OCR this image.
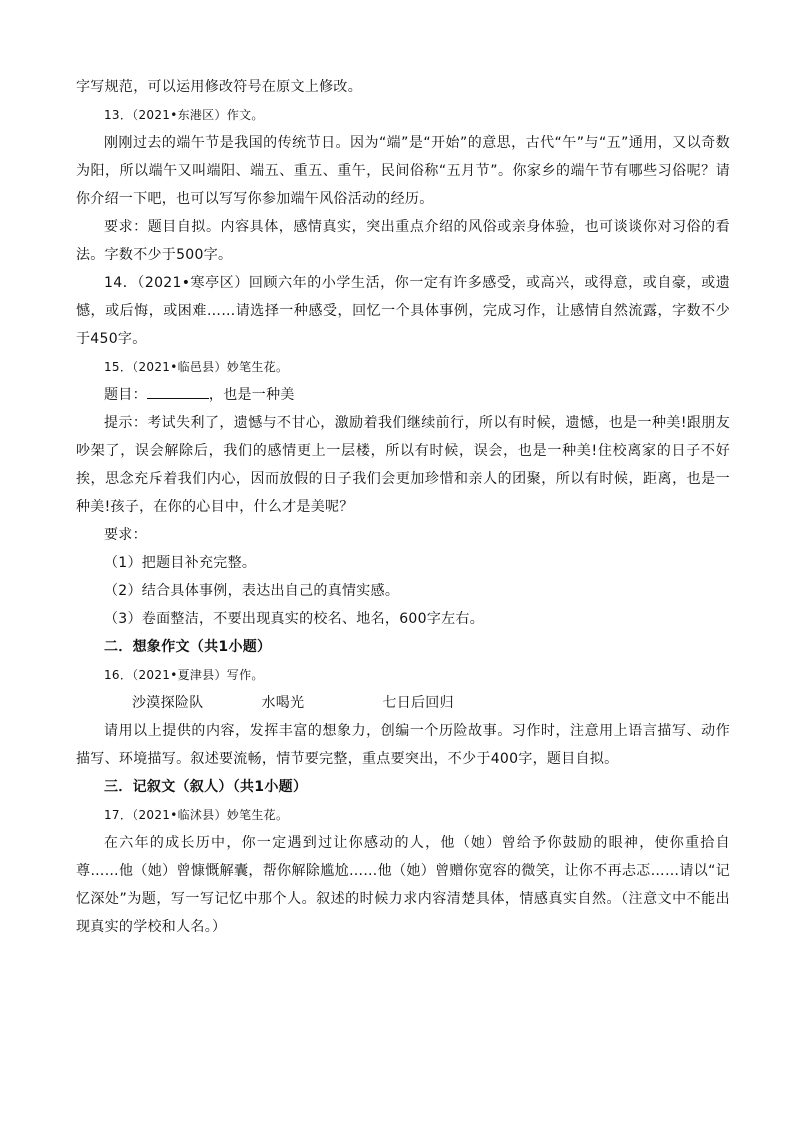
字写规范，可以运用修改符号在原文上修改。

13．（2021•东港区）作文。

刚刚过去的端午节是我国的传统节日。因为“端”是“开始”的意思，古代“午”与“五”通用，又以奇数为阳，所以端午又叫端阳、端五、重五、重午，民间俗称“五月节”。你家乡的端午节有哪些习俗呢？请你介绍一下吧，也可以写写你参加端午风俗活动的经历。

要求：题目自拟。内容具体，感情真实，突出重点介绍的风俗或亲身体验，也可谈谈你对习俗的看法。字数不少于500字。

14．（2021•寒亭区）回顾六年的小学生活，你一定有许多感受，或高兴，或得意，或自豪，或遗憾，或后悔，或困难……请选择一种感受，回忆一个具体事例，完成习作，让感情自然流露，字数不少于450字。

15．（2021•临邑县）妙笔生花。

题目：	，也是一种美

提示：考试失利了，遗憾与不甘心，激励着我们继续前行，所以有时候，遗憾，也是一种美!跟朋友吵架了，误会解除后，我们的感情更上一层楼，所以有时候，误会，也是一种美!住校离家的日子不好挨，思念充斥着我们内心，因而放假的日子我们会更加珍惜和亲人的团聚，所以有时候，距离，也是一种美!孩子，在你的心目中，什么才是美呢？

要求：

（1）把题目补充完整。

（2）结合具体事例，表达出自己的真情实感。

（3）卷面整洁，不要出现真实的校名、地名，600字左右。

二．想象作文（共1小题）

16．（2021•夏津县）写作。

沙漠探险队	水喝光	七日后回归

请用以上提供的内容，发挥丰富的想象力，创编一个历险故事。习作时，注意用上语言描写、动作描写、环境描写。叙述要流畅，情节要完整，重点要突出，不少于400字，题目自拟。

三．记叙文（叙人）（共1小题）

17．（2021•临沭县）妙笔生花。

在六年的成长历中，你一定遇到过让你感动的人，他（她）曾给予你鼓励的眼神，使你重拾自尊……他（她）曾慷慨解囊，帮你解除尴尬……他（她）曾赠你宽容的微笑，让你不再忐忑……请以“记忆深处”为题，写一写记忆中那个人。叙述的时候力求内容清楚具体，情感真实自然。（注意文中不能出现真实的学校和人名。）
